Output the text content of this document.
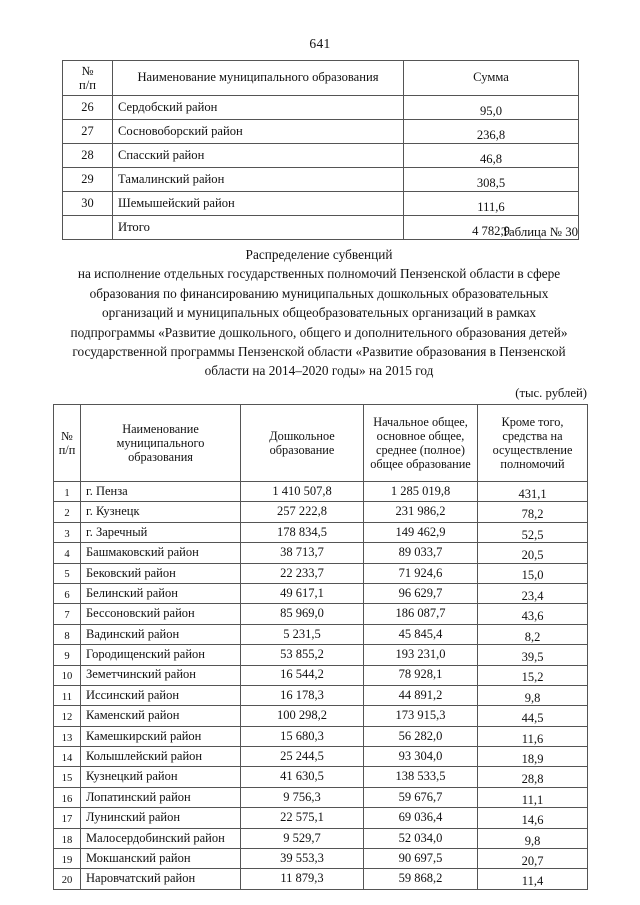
641
№
п/п	Наименование муниципального образования	Сумма
26	Сердобский район	95,0
27	Сосновоборский район	236,8
28	Спасский район	46,8
29	Тамалинский район	308,5
30	Шемышейский район	111,6
	Итого	4 782,9
Таблица № 30

Распределение субвенций

на исполнение отдельных государственных полномочий Пензенской области в сфере образования по финансированию муниципальных дошкольных образовательных организаций и муниципальных общеобразовательных организаций в рамках подпрограммы «Развитие дошкольного, общего и дополнительного образования детей» государственной программы Пензенской области «Развитие образования в Пензенской области на 2014–2020 годы» на 2015 год

(тыс. рублей)
№
п/п	Наименование муниципального образования	Дошкольное образование	Начальное общее, основное общее, среднее (полное) общее образование	Кроме того, средства на осуществление полномочий
1	г. Пенза	1 410 507,8	1 285 019,8	431,1
2	г. Кузнецк	257 222,8	231 986,2	78,2
3	г. Заречный	178 834,5	149 462,9	52,5
4	Башмаковский район	38 713,7	89 033,7	20,5
5	Бековский район	22 233,7	71 924,6	15,0
6	Белинский район	49 617,1	96 629,7	23,4
7	Бессоновский район	85 969,0	186 087,7	43,6
8	Вадинский район	5 231,5	45 845,4	8,2
9	Городищенский район	53 855,2	193 231,0	39,5
10	Земетчинский район	16 544,2	78 928,1	15,2
11	Иссинский район	16 178,3	44 891,2	9,8
12	Каменский район	100 298,2	173 915,3	44,5
13	Камешкирский район	15 680,3	56 282,0	11,6
14	Колышлейский район	25 244,5	93 304,0	18,9
15	Кузнецкий район	41 630,5	138 533,5	28,8
16	Лопатинский район	9 756,3	59 676,7	11,1
17	Лунинский район	22 575,1	69 036,4	14,6
18	Малосердобинский район	9 529,7	52 034,0	9,8
19	Мокшанский район	39 553,3	90 697,5	20,7
20	Наровчатский район	11 879,3	59 868,2	11,4
